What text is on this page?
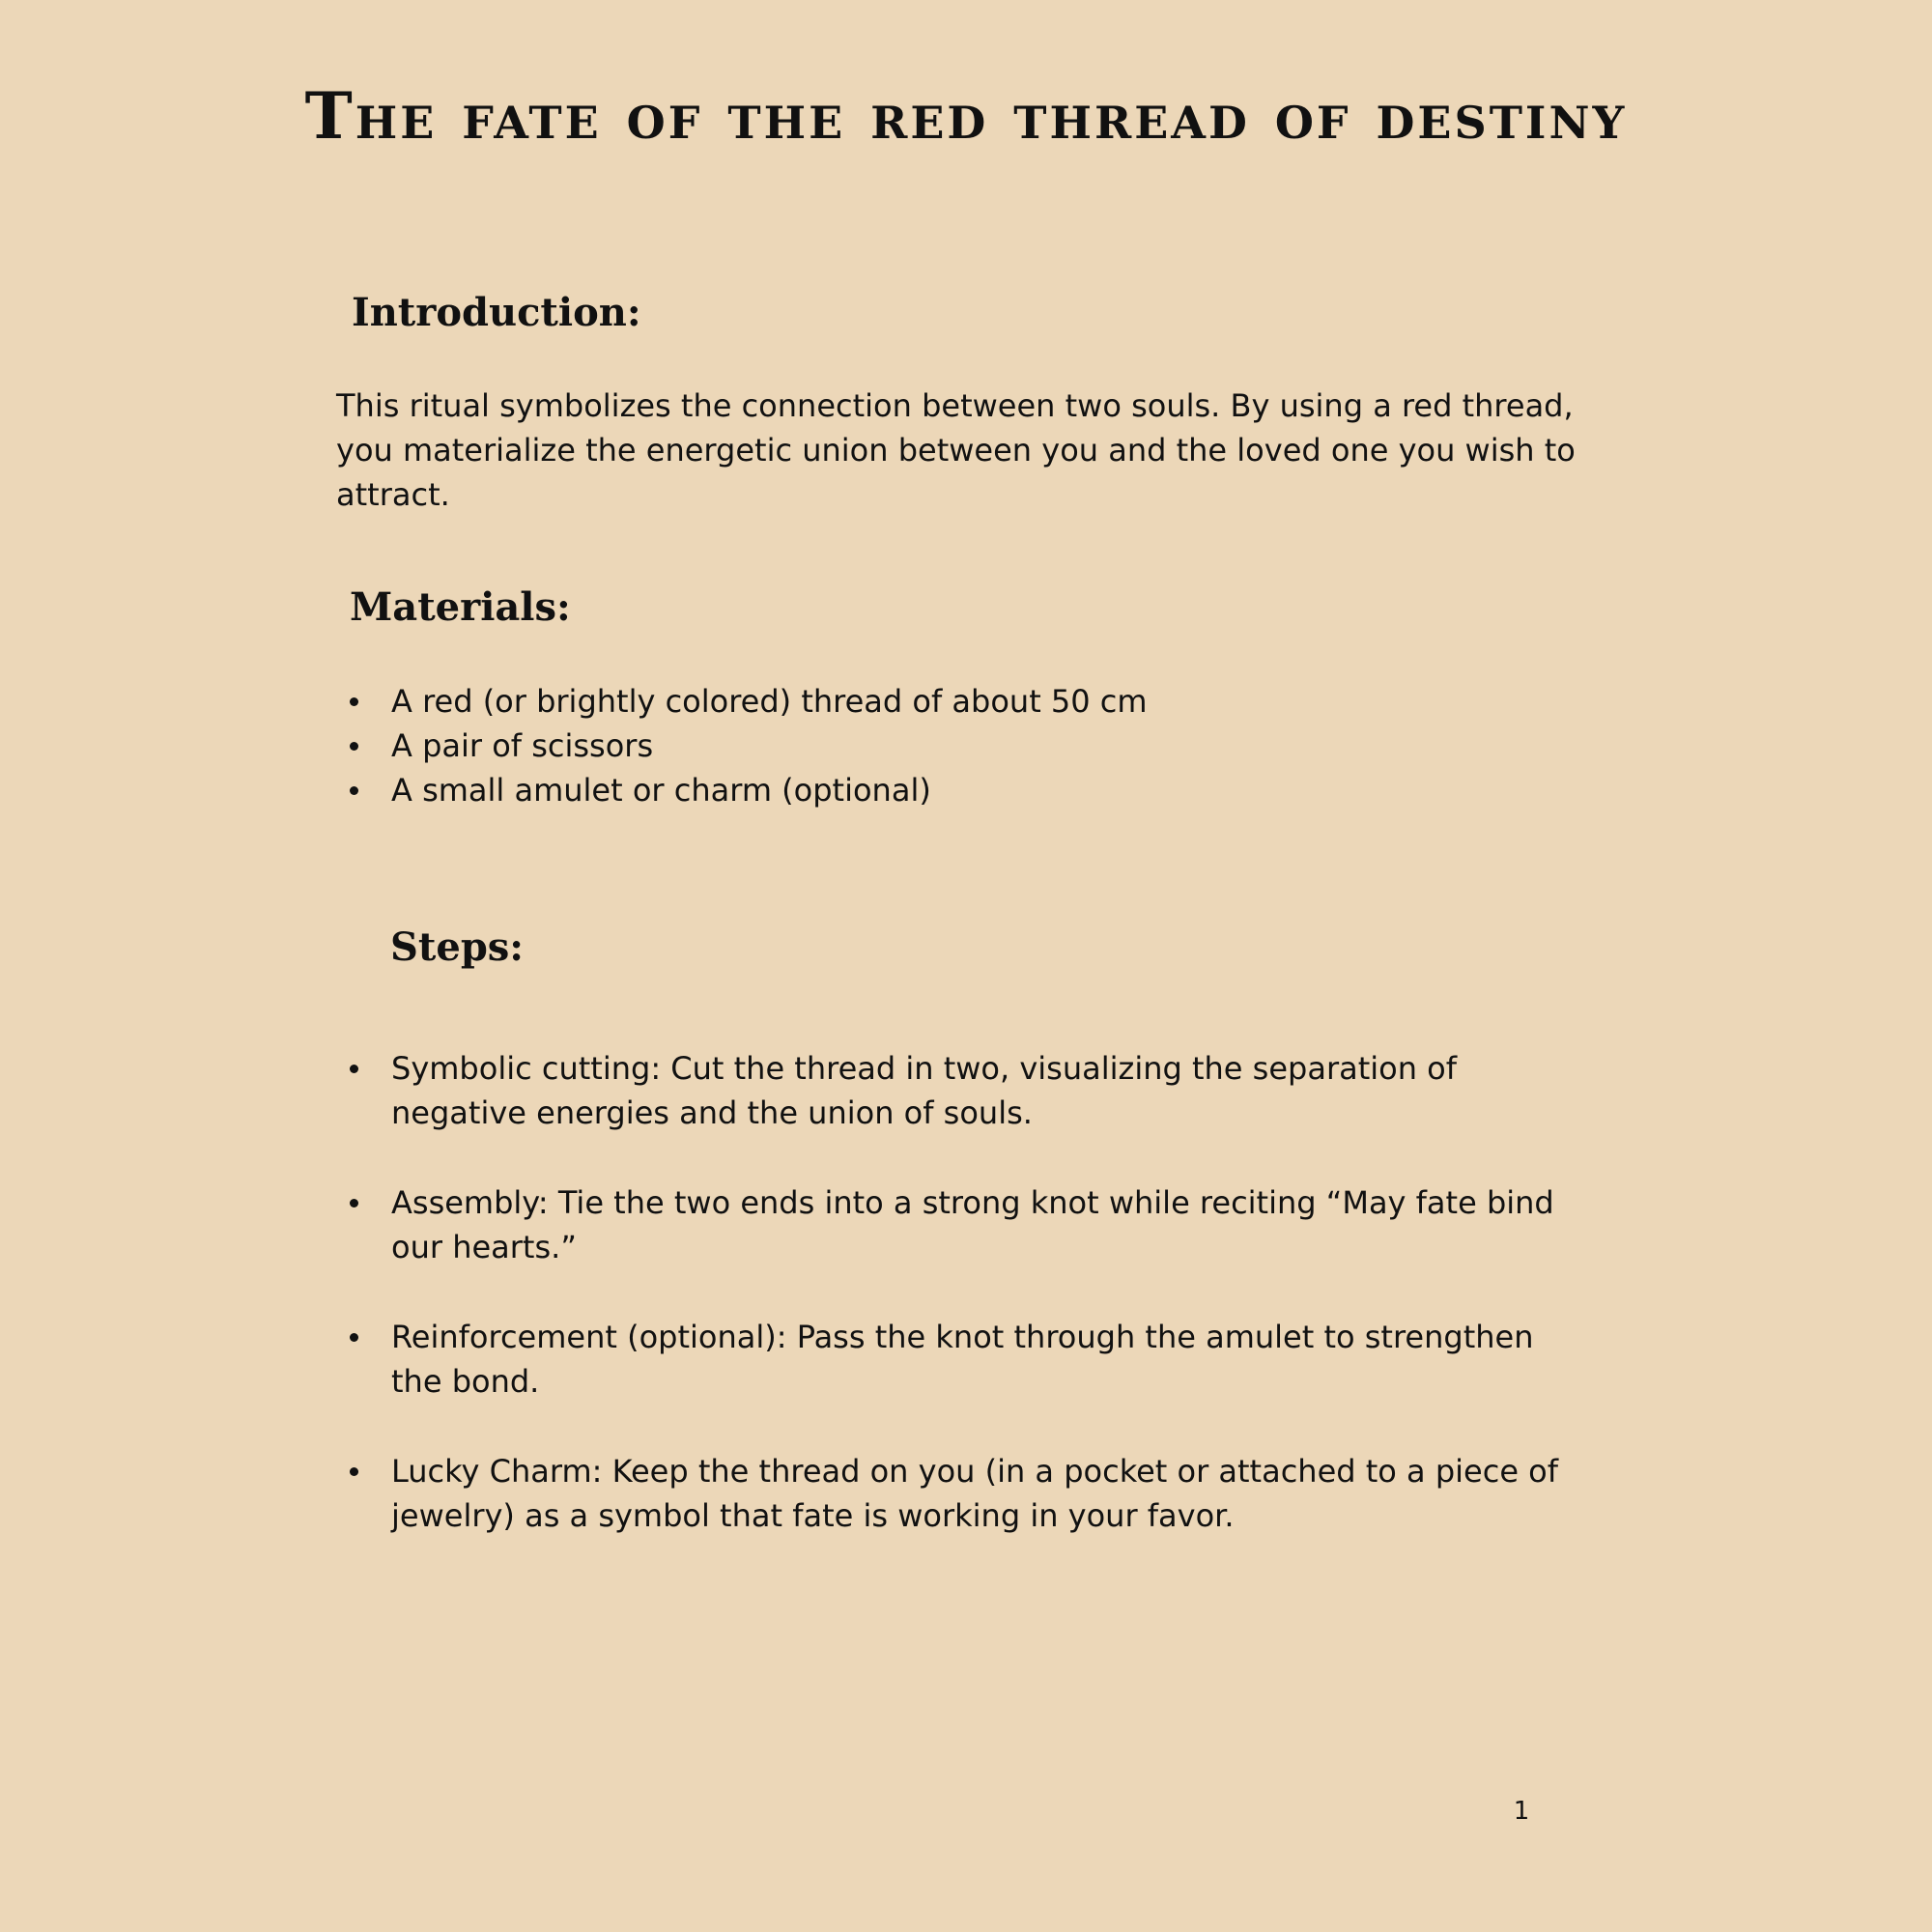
The fate of the red thread of destiny
Introduction:

This ritual symbolizes the connection between two souls. By using a red thread, you materialize the energetic union between you and the loved one you wish to attract.

Materials:
A red (or brightly colored) thread of about 50 cm
A pair of scissors
A small amulet or charm (optional)
Steps:
Symbolic cutting: Cut the thread in two, visualizing the separation of negative energies and the union of souls.
Assembly: Tie the two ends into a strong knot while reciting “May fate bind our hearts.”
Reinforcement (optional): Pass the knot through the amulet to strengthen the bond.
Lucky Charm: Keep the thread on you (in a pocket or attached to a piece of jewelry) as a symbol that fate is working in your favor.
1
